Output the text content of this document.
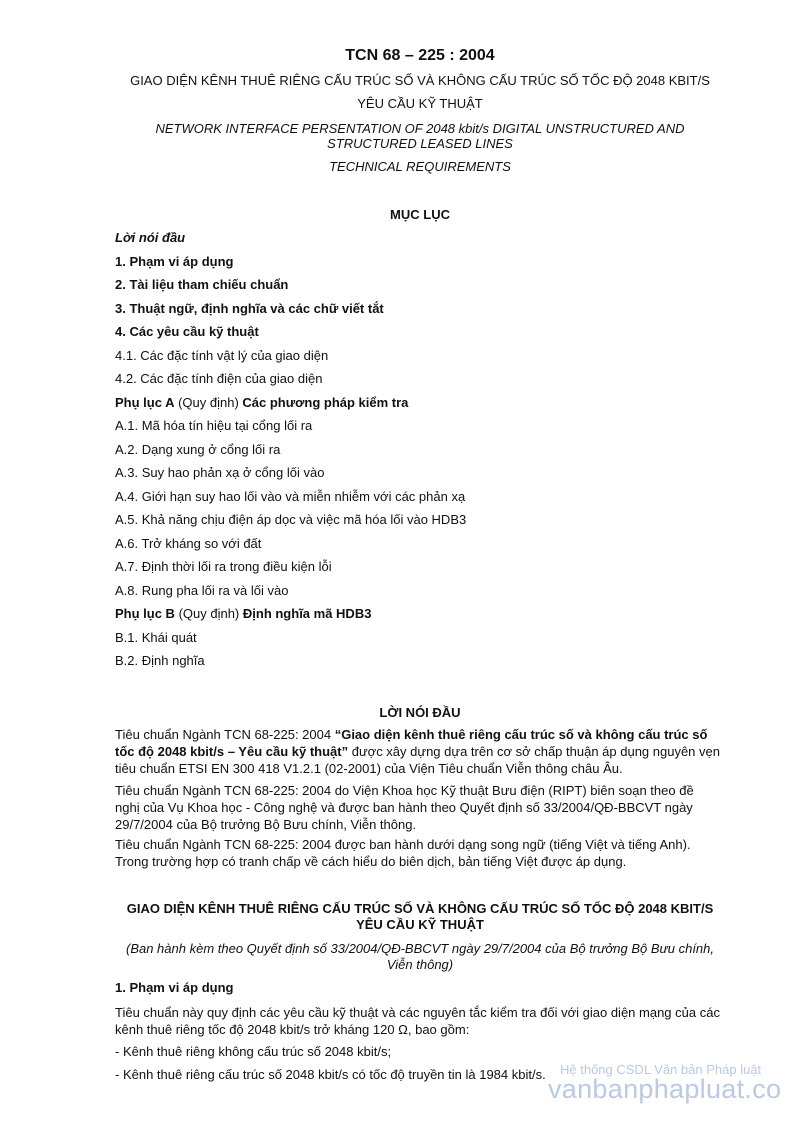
TCN 68 – 225 : 2004
GIAO DIỆN KÊNH THUÊ RIÊNG CẤU TRÚC SỐ VÀ KHÔNG CẤU TRÚC SỐ TỐC ĐỘ 2048 KBIT/S
YÊU CẦU KỸ THUẬT
NETWORK INTERFACE PERSENTATION OF 2048 kbit/s DIGITAL UNSTRUCTURED AND
STRUCTURED LEASED LINES
TECHNICAL REQUIREMENTS
MỤC LỤC
Lời nói đầu
1. Phạm vi áp dụng
2. Tài liệu tham chiếu chuẩn
3. Thuật ngữ, định nghĩa và các chữ viết tắt
4. Các yêu cầu kỹ thuật
4.1. Các đặc tính vật lý của giao diện
4.2. Các đặc tính điện của giao diện
Phụ lục A (Quy định) Các phương pháp kiểm tra
A.1. Mã hóa tín hiệu tại cổng lối ra
A.2. Dạng xung ở cổng lối ra
A.3. Suy hao phản xạ ở cổng lối vào
A.4. Giới hạn suy hao lối vào và miễn nhiễm với các phản xạ
A.5. Khả năng chịu điện áp dọc và việc mã hóa lối vào HDB3
A.6. Trở kháng so với đất
A.7. Định thời lối ra trong điều kiện lỗi
A.8. Rung pha lối ra và lối vào
Phụ lục B (Quy định) Định nghĩa mã HDB3
B.1. Khái quát
B.2. Định nghĩa
LỜI NÓI ĐẦU
Tiêu chuẩn Ngành TCN 68-225: 2004 “Giao diện kênh thuê riêng cấu trúc số và không cấu trúc số tốc độ 2048 kbit/s – Yêu cầu kỹ thuật” được xây dựng dựa trên cơ sở chấp thuận áp dụng nguyên vẹn tiêu chuẩn ETSI EN 300 418 V1.2.1 (02-2001) của Viện Tiêu chuẩn Viễn thông châu Âu.
Tiêu chuẩn Ngành TCN 68-225: 2004 do Viện Khoa học Kỹ thuật Bưu điện (RIPT) biên soạn theo đề nghị của Vụ Khoa học - Công nghệ và được ban hành theo Quyết định số 33/2004/QĐ-BBCVT ngày 29/7/2004 của Bộ trưởng Bộ Bưu chính, Viễn thông.
Tiêu chuẩn Ngành TCN 68-225: 2004 được ban hành dưới dạng song ngữ (tiếng Việt và tiếng Anh). Trong trường hợp có tranh chấp về cách hiểu do biên dịch, bản tiếng Việt được áp dụng.
GIAO DIỆN KÊNH THUÊ RIÊNG CẤU TRÚC SỐ VÀ KHÔNG CẤU TRÚC SỐ TỐC ĐỘ 2048 KBIT/S
YÊU CẦU KỸ THUẬT
(Ban hành kèm theo Quyết định số 33/2004/QĐ-BBCVT ngày 29/7/2004 của Bộ trưởng Bộ Bưu chính,
Viễn thông)
1. Phạm vi áp dụng
Tiêu chuẩn này quy định các yêu cầu kỹ thuật và các nguyên tắc kiểm tra đối với giao diện mạng của các kênh thuê riêng tốc độ 2048 kbit/s trở kháng 120 Ω, bao gồm:
- Kênh thuê riêng không cấu trúc số 2048 kbit/s;
- Kênh thuê riêng cấu trúc số 2048 kbit/s có tốc độ truyền tin là 1984 kbit/s. Hệ thống CSDL Văn bản Pháp luật
vanbanphapluat.co
